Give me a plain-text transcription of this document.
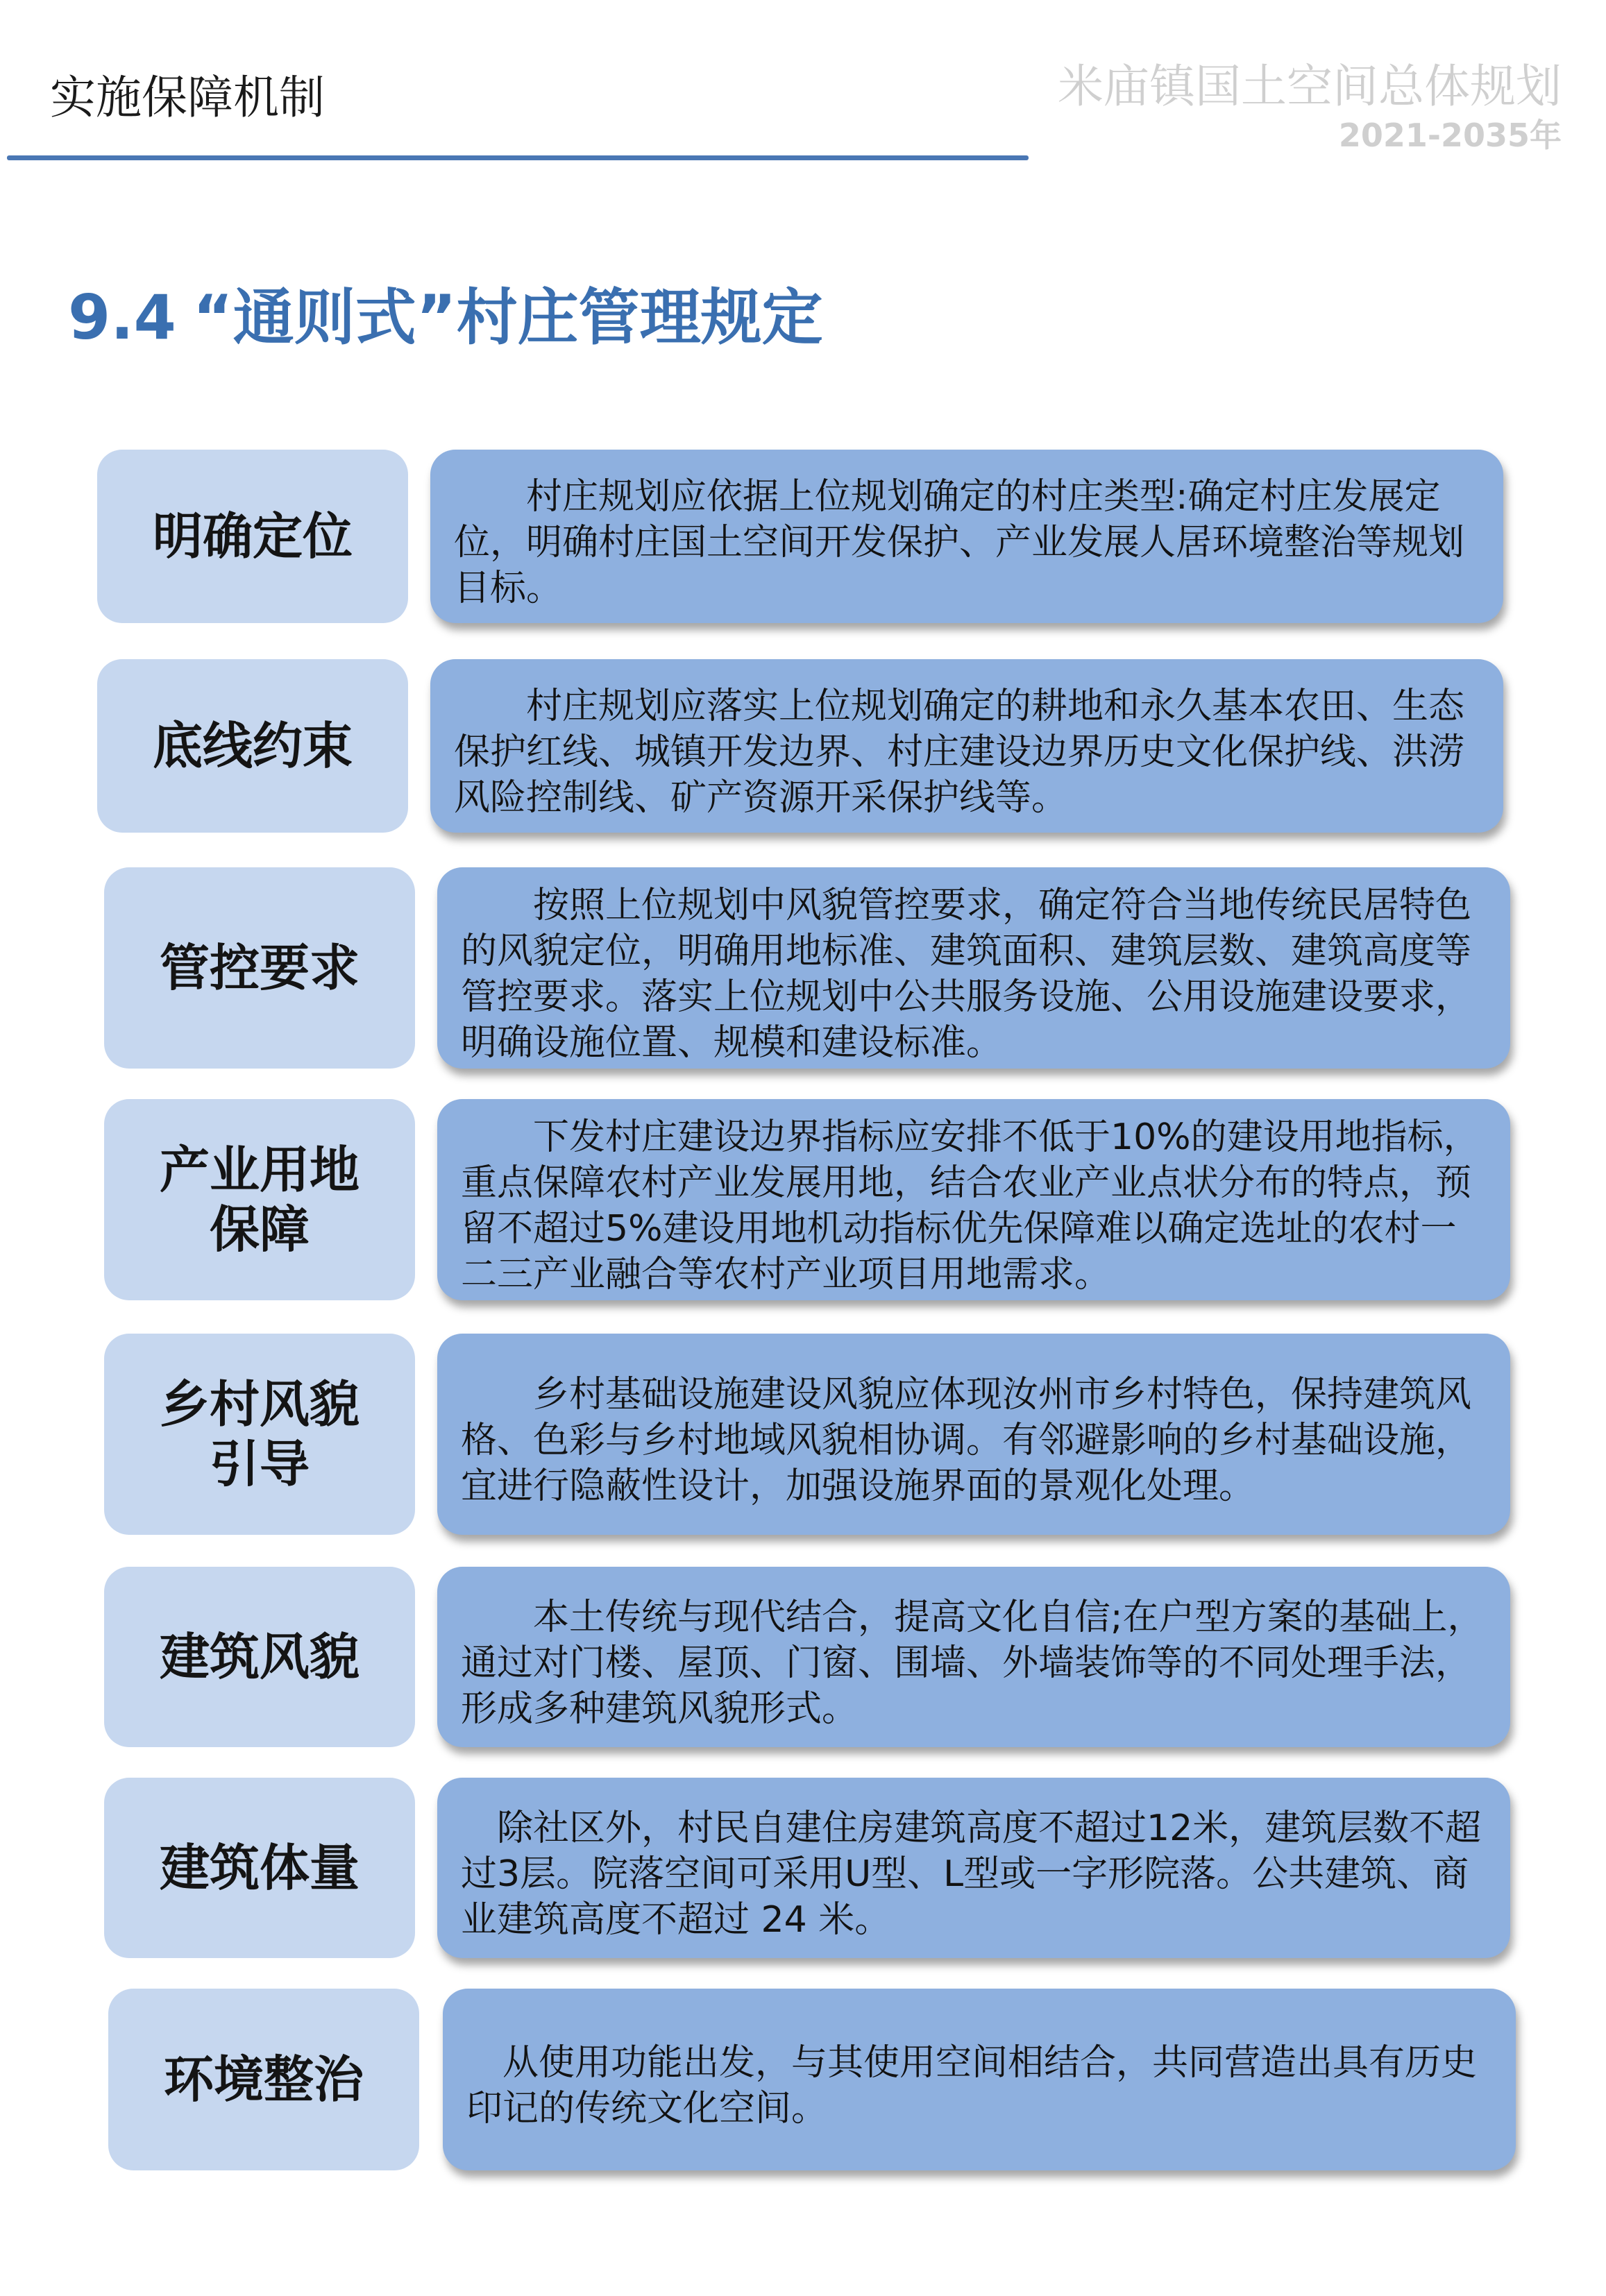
实施保障机制	米庙镇国土空间总体规划
2021-2035年
9.4 “通则式”村庄管理规定
明确定位

村庄规划应依据上位规划确定的村庄类型:确定村庄发展定位，明确村庄国土空间开发保护、产业发展人居环境整治等规划目标。

底线约束

村庄规划应落实上位规划确定的耕地和永久基本农田、生态保护红线、城镇开发边界、村庄建设边界历史文化保护线、洪涝风险控制线、矿产资源开采保护线等。

管控要求

按照上位规划中风貌管控要求，确定符合当地传统民居特色的风貌定位，明确用地标准、建筑面积、建筑层数、建筑高度等管控要求。落实上位规划中公共服务设施、公用设施建设要求，明确设施位置、规模和建设标准。

产业用地
保障

下发村庄建设边界指标应安排不低于10%的建设用地指标，重点保障农村产业发展用地，结合农业产业点状分布的特点，预留不超过5%建设用地机动指标优先保障难以确定选址的农村一二三产业融合等农村产业项目用地需求。

乡村风貌
引导

乡村基础设施建设风貌应体现汝州市乡村特色，保持建筑风格、色彩与乡村地域风貌相协调。有邻避影响的乡村基础设施，宜进行隐蔽性设计，加强设施界面的景观化处理。

建筑风貌

本土传统与现代结合，提高文化自信;在户型方案的基础上，通过对门楼、屋顶、门窗、围墙、外墙装饰等的不同处理手法，形成多种建筑风貌形式。

建筑体量

除社区外，村民自建住房建筑高度不超过12米，建筑层数不超过3层。院落空间可采用U型、L型或一字形院落。公共建筑、商业建筑高度不超过 24 米。

环境整治	从使用功能出发，与其使用空间相结合，共同营造出具有历史印记的传统文化空间。
